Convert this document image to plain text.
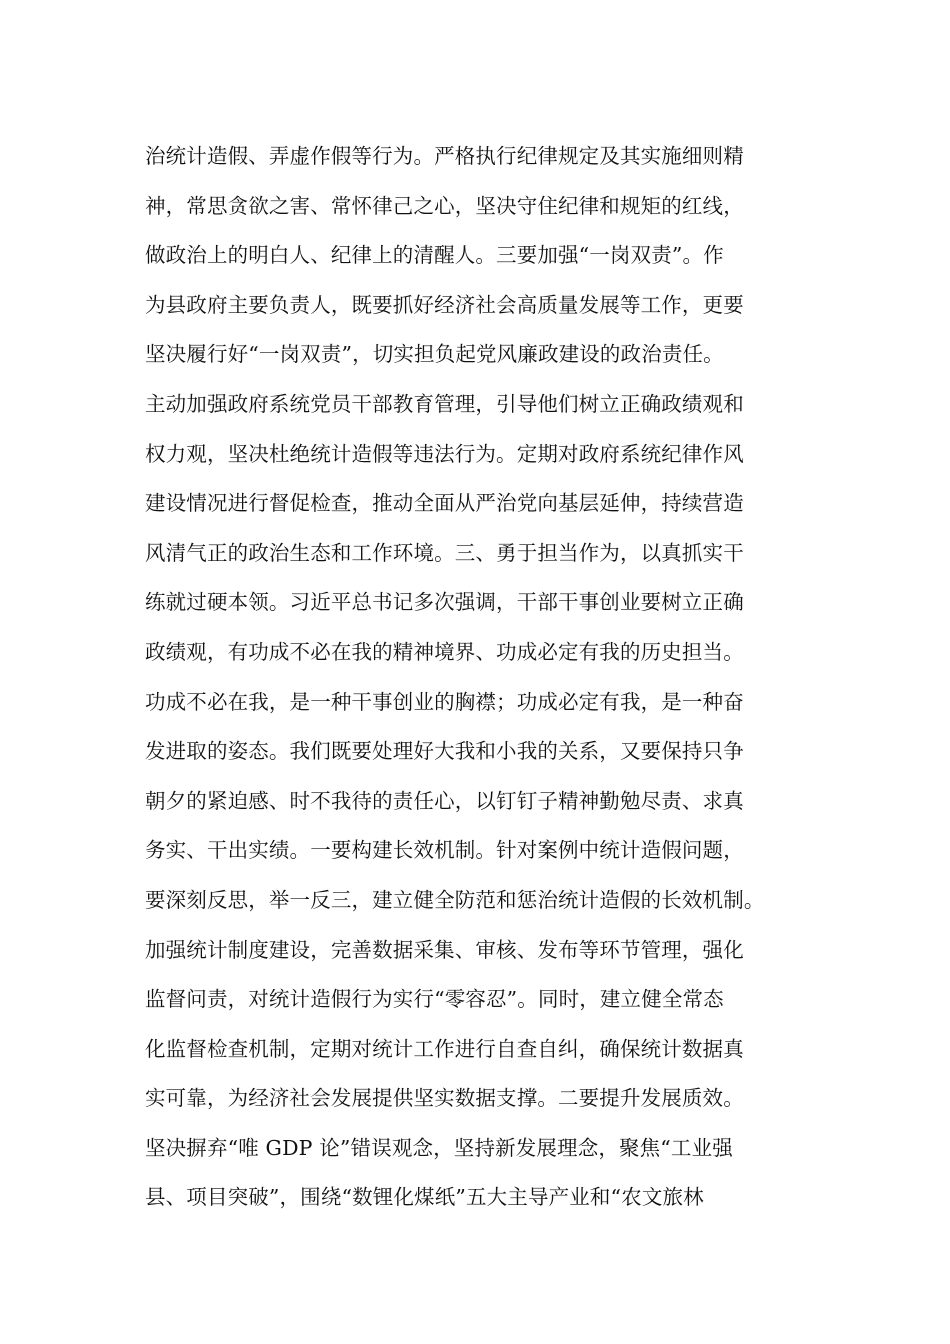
治统计造假、弄虚作假等行为。严格执行纪律规定及其实施细则精
神，常思贪欲之害、常怀律己之心，坚决守住纪律和规矩的红线，
做政治上的明白人、纪律上的清醒人。三要加强“一岗双责”。作
为县政府主要负责人，既要抓好经济社会高质量发展等工作，更要
坚决履行好“一岗双责”，切实担负起党风廉政建设的政治责任。
主动加强政府系统党员干部教育管理，引导他们树立正确政绩观和
权力观，坚决杜绝统计造假等违法行为。定期对政府系统纪律作风
建设情况进行督促检查，推动全面从严治党向基层延伸，持续营造
风清气正的政治生态和工作环境。三、勇于担当作为，以真抓实干
练就过硬本领。习近平总书记多次强调，干部干事创业要树立正确
政绩观，有功成不必在我的精神境界、功成必定有我的历史担当。
功成不必在我，是一种干事创业的胸襟；功成必定有我，是一种奋
发进取的姿态。我们既要处理好大我和小我的关系，又要保持只争
朝夕的紧迫感、时不我待的责任心，以钉钉子精神勤勉尽责、求真
务实、干出实绩。一要构建长效机制。针对案例中统计造假问题，
要深刻反思，举一反三，建立健全防范和惩治统计造假的长效机制。
加强统计制度建设，完善数据采集、审核、发布等环节管理，强化
监督问责，对统计造假行为实行“零容忍”。同时，建立健全常态
化监督检查机制，定期对统计工作进行自查自纠，确保统计数据真
实可靠，为经济社会发展提供坚实数据支撑。二要提升发展质效。
坚决摒弃“唯 GDP 论”错误观念，坚持新发展理念，聚焦“工业强
县、项目突破”，围绕“数锂化煤纸”五大主导产业和“农文旅林
